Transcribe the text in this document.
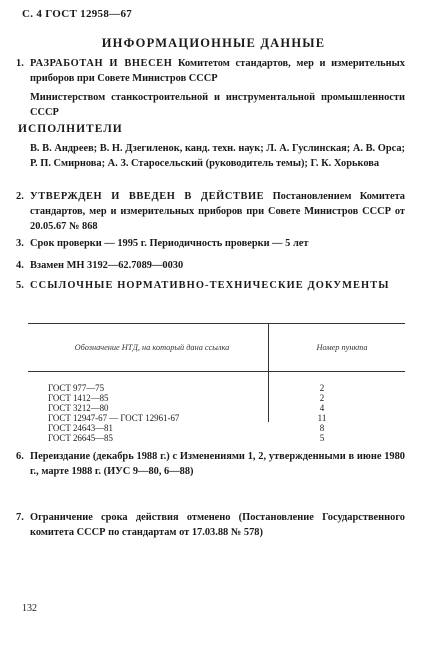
С. 4 ГОСТ 12958—67
ИНФОРМАЦИОННЫЕ ДАННЫЕ
1. РАЗРАБОТАН И ВНЕСЕН Комитетом стандартов, мер и измерительных приборов при Совете Министров СССР
Министерством станкостроительной и инструментальной промышленности СССР
ИСПОЛНИТЕЛИ
В. В. Андреев; В. Н. Дзегиленок, канд. техн. наук; Л. А. Гуслинская; А. В. Орса; Р. П. Смирнова; А. З. Старосельский (руководитель темы); Г. К. Хорькова
2. УТВЕРЖДЕН И ВВЕДЕН В ДЕЙСТВИЕ Постановлением Комитета стандартов, мер и измерительных приборов при Совете Министров СССР от 20.05.67 № 868
3. Срок проверки — 1995 г. Периодичность проверки — 5 лет
4. Взамен МН 3192—62.7089—0030
5. ССЫЛОЧНЫЕ НОРМАТИВНО-ТЕХНИЧЕСКИЕ ДОКУМЕНТЫ
Обозначение НТД, на который дана ссылка	Номер пункта
ГОСТ 977—75
ГОСТ 1412—85
ГОСТ 3212—80
ГОСТ 12947-67 — ГОСТ 12961-67
ГОСТ 24643—81
ГОСТ 26645—85
2
2
4
11
8
5
6. Переиздание (декабрь 1988 г.) с Изменениями 1, 2, утвержденными в июне 1980 г., марте 1988 г. (ИУС 9—80, 6—88)
7. Ограничение срока действия отменено (Постановление Государственного комитета СССР по стандартам от 17.03.88 № 578)
132
